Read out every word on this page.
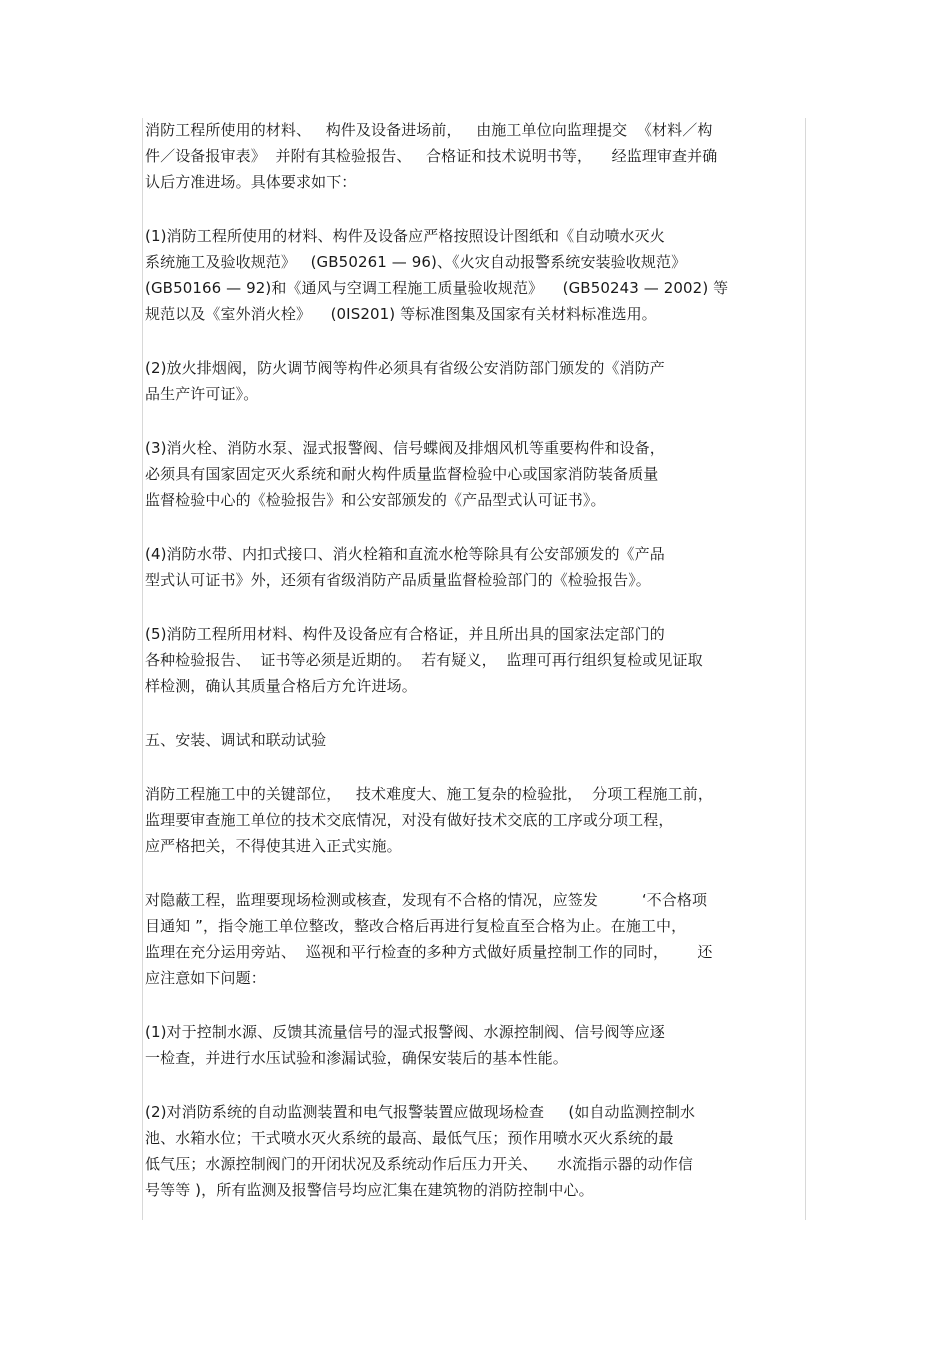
消防工程所使用的材料、   构件及设备进场前，   由施工单位向监理提交  《材料／构
件／设备报审表》  并附有其检验报告、   合格证和技术说明书等，    经监理审查并确
认后方准进场。具体要求如下：
(1)消防工程所使用的材料、构件及设备应严格按照设计图纸和《自动喷水灭火
系统施工及验收规范》   (GB50261 — 96)、《火灾自动报警系统安装验收规范》
(GB50166 — 92)和《通风与空调工程施工质量验收规范》    (GB50243 — 2002) 等
规范以及《室外消火栓》    (0IS201) 等标准图集及国家有关材料标准选用。
(2)放火排烟阀，防火调节阀等构件必须具有省级公安消防部门颁发的《消防产
品生产许可证》。
(3)消火栓、消防水泵、湿式报警阀、信号蝶阀及排烟风机等重要构件和设备，
必须具有国家固定灭火系统和耐火构件质量监督检验中心或国家消防装备质量
监督检验中心的《检验报告》和公安部颁发的《产品型式认可证书》。
(4)消防水带、内扣式接口、消火栓箱和直流水枪等除具有公安部颁发的《产品
型式认可证书》外，还须有省级消防产品质量监督检验部门的《检验报告》。
(5)消防工程所用材料、构件及设备应有合格证，并且所出具的国家法定部门的
各种检验报告、  证书等必须是近期的。  若有疑义，  监理可再行组织复检或见证取
样检测，确认其质量合格后方允许进场。
五、安装、调试和联动试验
消防工程施工中的关键部位，   技术难度大、施工复杂的检验批，  分项工程施工前，
监理要审查施工单位的技术交底情况，对没有做好技术交底的工序或分项工程，
应严格把关，不得使其进入正式实施。
对隐蔽工程，监理要现场检测或核查，发现有不合格的情况，应签发         ‘不合格项
目通知 ”，指令施工单位整改，整改合格后再进行复检直至合格为止。在施工中，
监理在充分运用旁站、  巡视和平行检查的多种方式做好质量控制工作的同时，      还
应注意如下问题：
(1)对于控制水源、反馈其流量信号的湿式报警阀、水源控制阀、信号阀等应逐
一检查，并进行水压试验和渗漏试验，确保安装后的基本性能。
(2)对消防系统的自动监测装置和电气报警装置应做现场检查     (如自动监测控制水
池、水箱水位；干式喷水灭火系统的最高、最低气压；预作用喷水灭火系统的最
低气压；水源控制阀门的开闭状况及系统动作后压力开关、    水流指示器的动作信
号等等 )，所有监测及报警信号均应汇集在建筑物的消防控制中心。
